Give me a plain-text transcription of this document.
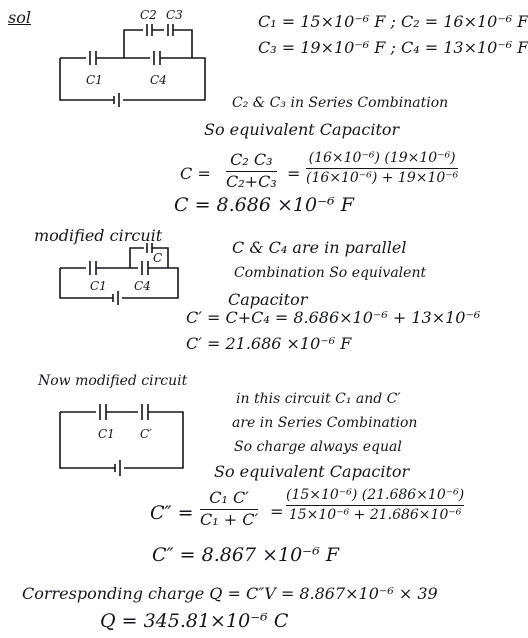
sol	C2 C3
C1	C4
C₁ = 15×10⁻⁶ F ; C₂ = 16×10⁻⁶ F
C₃ = 19×10⁻⁶ F ; C₄ = 13×10⁻⁶ F
C₂ & C₃ in Series Combination
So equivalent Capacitor
C =
C₂ C₃
C₂+C₃ =
(16×10⁻⁶) (19×10⁻⁶)
(16×10⁻⁶) + 19×10⁻⁶
C = 8.686 ×10⁻⁶ F
modified circuit
C
C1 C4
C & C₄ are in parallel
Combination So equivalent
Capacitor
C′ = C+C₄ = 8.686×10⁻⁶ + 13×10⁻⁶
C′ = 21.686 ×10⁻⁶ F
Now modified circuit
C1 C′
in this circuit C₁ and C′
are in Series Combination
So charge always equal
So equivalent Capacitor
C″ =
C₁ C′
C₁ + C′ =
(15×10⁻⁶) (21.686×10⁻⁶)
15×10⁻⁶ + 21.686×10⁻⁶
C″ = 8.867 ×10⁻⁶ F
Corresponding charge Q = C″V = 8.867×10⁻⁶ × 39
Q = 345.81×10⁻⁶ C
